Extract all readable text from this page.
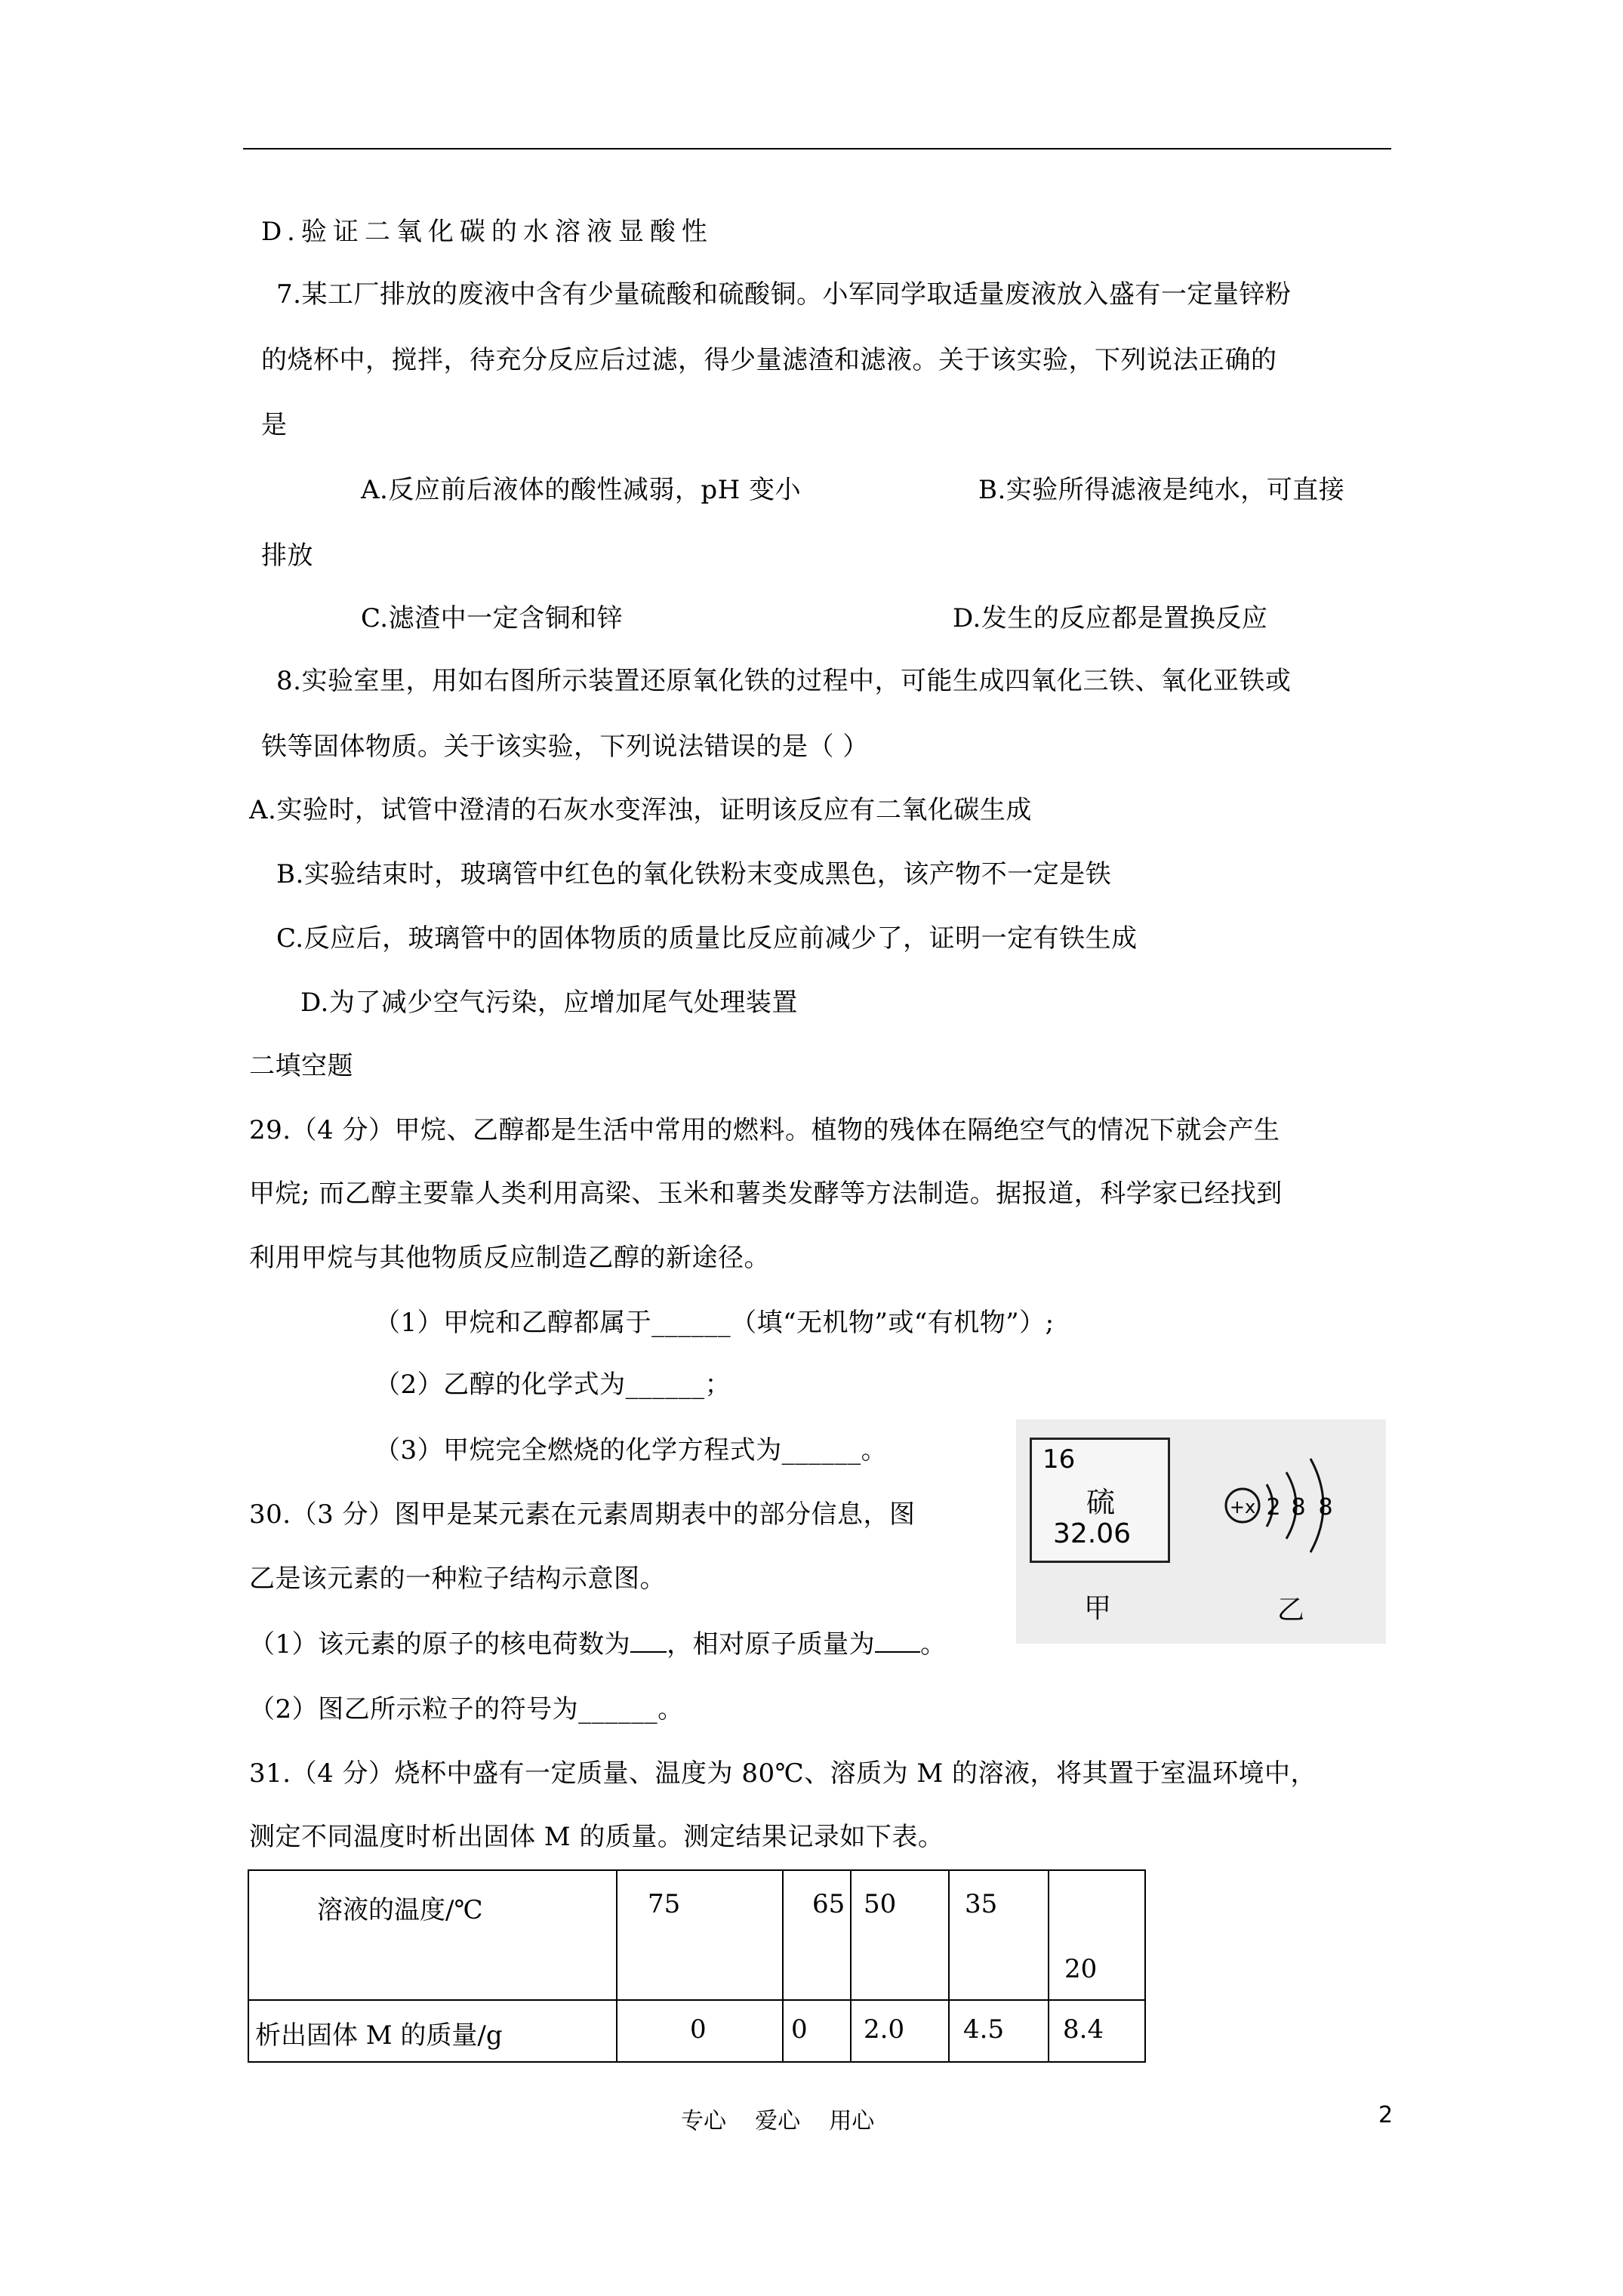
D.验证二氧化碳的水溶液显酸性
7.某工厂排放的废液中含有少量硫酸和硫酸铜。小军同学取适量废液放入盛有一定量锌粉
的烧杯中，搅拌，待充分反应后过滤，得少量滤渣和滤液。关于该实验，下列说法正确的
是
A.反应前后液体的酸性减弱，pH 变小	B.实验所得滤液是纯水，可直接
排放
C.滤渣中一定含铜和锌	D.发生的反应都是置换反应
8.实验室里，用如右图所示装置还原氧化铁的过程中，可能生成四氧化三铁、氧化亚铁或
铁等固体物质。关于该实验，下列说法错误的是（ ）
A.实验时，试管中澄清的石灰水变浑浊，证明该反应有二氧化碳生成
B.实验结束时，玻璃管中红色的氧化铁粉末变成黑色，该产物不一定是铁
C.反应后，玻璃管中的固体物质的质量比反应前减少了，证明一定有铁生成
D.为了减少空气污染，应增加尾气处理装置
二填空题
29.（4 分）甲烷、乙醇都是生活中常用的燃料。植物的残体在隔绝空气的情况下就会产生
甲烷; 而乙醇主要靠人类利用高梁、玉米和薯类发酵等方法制造。据报道，科学家已经找到
利用甲烷与其他物质反应制造乙醇的新途径。
（1）甲烷和乙醇都属于______（填“无机物”或“有机物”）;
（2）乙醇的化学式为______；
（3）甲烷完全燃烧的化学方程式为______。
30.（3 分）图甲是某元素在元素周期表中的部分信息，图
乙是该元素的一种粒子结构示意图。
（1）该元素的原子的核电荷数为 ，相对原子质量为 。
（2）图乙所示粒子的符号为______。
31.（4 分）烧杯中盛有一定质量、温度为 80℃、溶质为 M 的溶液，将其置于室温环境中，
测定不同温度时析出固体 M 的质量。测定结果记录如下表。
16
硫
32.06
+x 2 8 8
甲	乙
溶液的温度/℃	75	65	50	35	20

析出固体 M 的质量/g	0	0	2.0	4.5	8.4
专心    爱心    用心	2
